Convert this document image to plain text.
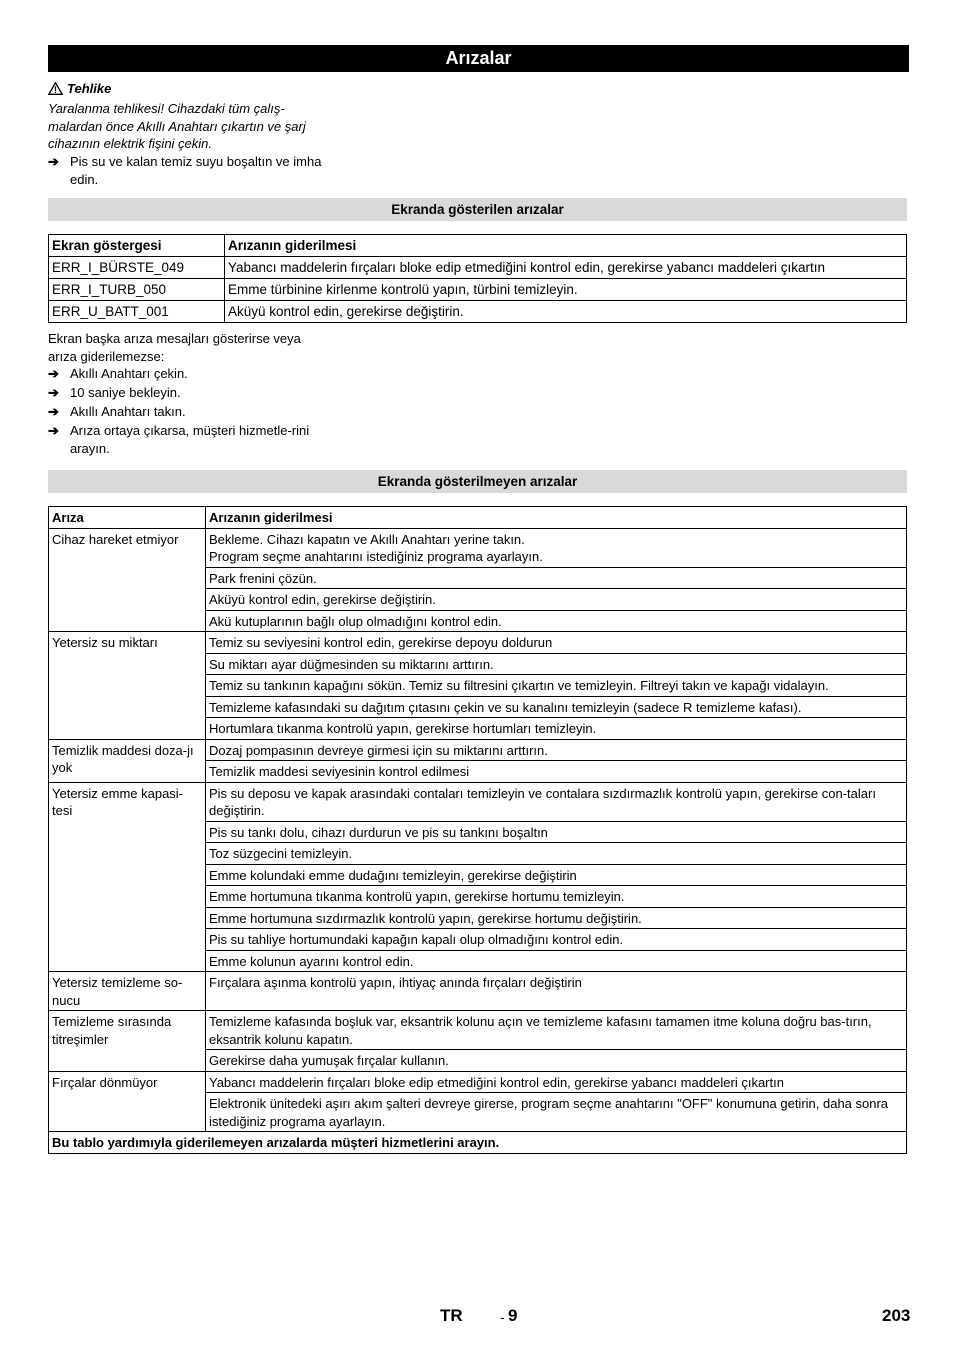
Arızalar
Tehlike
Yaralanma tehlikesi! Cihazdaki tüm çalış-malardan önce Akıllı Anahtarı çıkartın ve şarj cihazının elektrik fişini çekin.
➔ Pis su ve kalan temiz suyu boşaltın ve imha edin.
Ekranda gösterilen arızalar
Ekran göstergesi	Arızanın giderilmesi
ERR_I_BÜRSTE_049	Yabancı maddelerin fırçaları bloke edip etmediğini kontrol edin, gerekirse yabancı maddeleri çıkartın
ERR_I_TURB_050	Emme türbinine kirlenme kontrolü yapın, türbini temizleyin.
ERR_U_BATT_001	Aküyü kontrol edin, gerekirse değiştirin.
Ekran başka arıza mesajları gösterirse veya arıza giderilemezse:
➔ Akıllı Anahtarı çekin.
➔ 10 saniye bekleyin.
➔ Akıllı Anahtarı takın.
➔ Arıza ortaya çıkarsa, müşteri hizmetle-rini arayın.
Ekranda gösterilmeyen arızalar
Arıza	Arızanın giderilmesi
Cihaz hareket etmiyor	Bekleme. Cihazı kapatın ve Akıllı Anahtarı yerine takın.
Program seçme anahtarını istediğiniz programa ayarlayın.
	Park frenini çözün.
	Aküyü kontrol edin, gerekirse değiştirin.
	Akü kutuplarının bağlı olup olmadığını kontrol edin.
Yetersiz su miktarı	Temiz su seviyesini kontrol edin, gerekirse depoyu doldurun
	Su miktarı ayar düğmesinden su miktarını arttırın.
	Temiz su tankının kapağını sökün. Temiz su filtresini çıkartın ve temizleyin. Filtreyi takın ve kapağı vidalayın.
	Temizleme kafasındaki su dağıtım çıtasını çekin ve su kanalını temizleyin (sadece R temizleme kafası).
	Hortumlara tıkanma kontrolü yapın, gerekirse hortumları temizleyin.
Temizlik maddesi doza-jı yok	Dozaj pompasının devreye girmesi için su miktarını arttırın.
	Temizlik maddesi seviyesinin kontrol edilmesi
Yetersiz emme kapasi-tesi	Pis su deposu ve kapak arasındaki contaları temizleyin ve contalara sızdırmazlık kontrolü yapın, gerekirse con-taları değiştirin.
	Pis su tankı dolu, cihazı durdurun ve pis su tankını boşaltın
	Toz süzgecini temizleyin.
	Emme kolundaki emme dudağını temizleyin, gerekirse değiştirin
	Emme hortumuna tıkanma kontrolü yapın, gerekirse hortumu temizleyin.
	Emme hortumuna sızdırmazlık kontrolü yapın, gerekirse hortumu değiştirin.
	Pis su tahliye hortumundaki kapağın kapalı olup olmadığını kontrol edin.
	Emme kolunun ayarını kontrol edin.
Yetersiz temizleme so-nucu	Fırçalara aşınma kontrolü yapın, ihtiyaç anında fırçaları değiştirin
Temizleme sırasında titreşimler	Temizleme kafasında boşluk var, eksantrik kolunu açın ve temizleme kafasını tamamen itme koluna doğru bas-tırın, eksantrik kolunu kapatın.
	Gerekirse daha yumuşak fırçalar kullanın.
Fırçalar dönmüyor	Yabancı maddelerin fırçaları bloke edip etmediğini kontrol edin, gerekirse yabancı maddeleri çıkartın
	Elektronik ünitedeki aşırı akım şalteri devreye girerse, program seçme anahtarını "OFF" konumuna getirin, daha sonra istediğiniz programa ayarlayın.
Bu tablo yardımıyla giderilemeyen arızalarda müşteri hizmetlerini arayın.	
TR	- 9	203
